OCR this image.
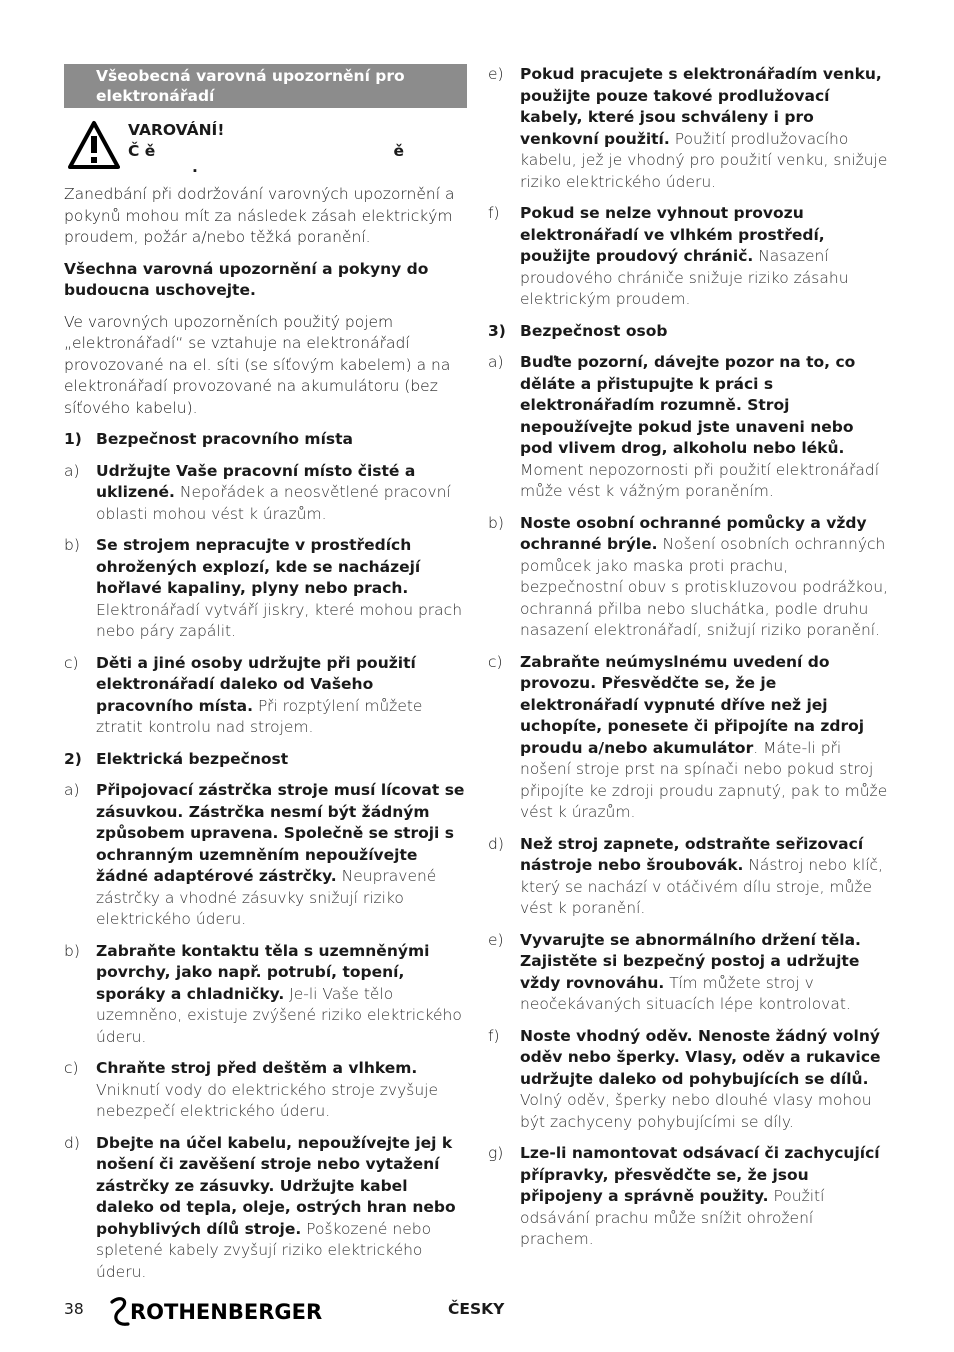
Všeobecná varovná upozornění pro elektronářadí
VAROVÁNÍ!
Č ě	ě
.

Zanedbání při dodržování varovných upozornění a pokynů mohou mít za následek zásah elektrickým proudem, požár a/nebo těžká poranění.

Všechna varovná upozornění a pokyny do budoucna uschovejte.

Ve varovných upozorněních použitý pojem „elektronářadí“ se vztahuje na elektronářadí provozované na el. síti (se síťovým kabelem) a na elektronářadí provozované na akumulátoru (bez síťového kabelu).

1) Bezpečnost pracovního místa
a)	Udržujte Vaše pracovní místo čisté a uklizené. Nepořádek a neosvětlené pracovní oblasti mohou vést k úrazům.
b)	Se strojem nepracujte v prostředích ohrožených explozí, kde se nacházejí hořlavé kapaliny, plyny nebo prach. Elektronářadí vytváří jiskry, které mohou prach nebo páry zapálit.
c)	Děti a jiné osoby udržujte při použití elektronářadí daleko od Vašeho pracovního místa. Při rozptýlení můžete ztratit kontrolu nad strojem.
2) Elektrická bezpečnost
a)	Připojovací zástrčka stroje musí lícovat se zásuvkou. Zástrčka nesmí být žádným způsobem upravena. Společně se stroji s ochranným uzemněním nepoužívejte žádné adaptérové zástrčky. Neupravené zástrčky a vhodné zásuvky snižují riziko elektrického úderu.
b)	Zabraňte kontaktu těla s uzemněnými povrchy, jako např. potrubí, topení, sporáky a chladničky. Je-li Vaše tělo uzemněno, existuje zvýšené riziko elektrického úderu.
c)	Chraňte stroj před deštěm a vlhkem. Vniknutí vody do elektrického stroje zvyšuje nebezpečí elektrického úderu.
d)	Dbejte na účel kabelu, nepoužívejte jej k nošení či zavěšení stroje nebo vytažení zástrčky ze zásuvky. Udržujte kabel daleko od tepla, oleje, ostrých hran nebo pohyblivých dílů stroje. Poškozené nebo spletené kabely zvyšují riziko elektrického úderu.
e)	Pokud pracujete s elektronářadím venku, použijte pouze takové prodlužovací kabely, které jsou schváleny i pro venkovní použití. Použití prodlužovacího kabelu, jež je vhodný pro použití venku, snižuje riziko elektrického úderu.
f)	Pokud se nelze vyhnout provozu elektronářadí ve vlhkém prostředí, použijte proudový chránič. Nasazení proudového chrániče snižuje riziko zásahu elektrickým proudem.
3) Bezpečnost osob
a)	Buďte pozorní, dávejte pozor na to, co děláte a přistupujte k práci s elektronářadím rozumně. Stroj nepoužívejte pokud jste unaveni nebo pod vlivem drog, alkoholu nebo léků. Moment nepozornosti při použití elektronářadí může vést k vážným poraněním.
b)	Noste osobní ochranné pomůcky a vždy ochranné brýle. Nošení osobních ochranných pomůcek jako maska proti prachu, bezpečnostní obuv s protiskluzovou podrážkou, ochranná přilba nebo sluchátka, podle druhu nasazení elektronářadí, snižují riziko poranění.
c)	Zabraňte neúmyslnému uvedení do provozu. Přesvědčte se, že je elektronářadí vypnuté dříve než jej uchopíte, ponesete či připojíte na zdroj proudu a/nebo akumulátor. Máte-li při nošení stroje prst na spínači nebo pokud stroj připojíte ke zdroji proudu zapnutý, pak to může vést k úrazům.
d)	Než stroj zapnete, odstraňte seřizovací nástroje nebo šroubovák. Nástroj nebo klíč, který se nachází v otáčivém dílu stroje, může vést k poranění.
e)	Vyvarujte se abnormálního držení těla. Zajistěte si bezpečný postoj a udržujte vždy rovnováhu. Tím můžete stroj v neočekávaných situacích lépe kontrolovat.
f)	Noste vhodný oděv. Nenoste žádný volný oděv nebo šperky. Vlasy, oděv a rukavice udržujte daleko od pohybujících se dílů. Volný oděv, šperky nebo dlouhé vlasy mohou být zachyceny pohybujícími se díly.
g)	Lze-li namontovat odsávací či zachycující přípravky, přesvědčte se, že jsou připojeny a správně použity. Použití odsávání prachu může snížit ohrožení prachem.
38 ROTHENBERGER	ČESKY
